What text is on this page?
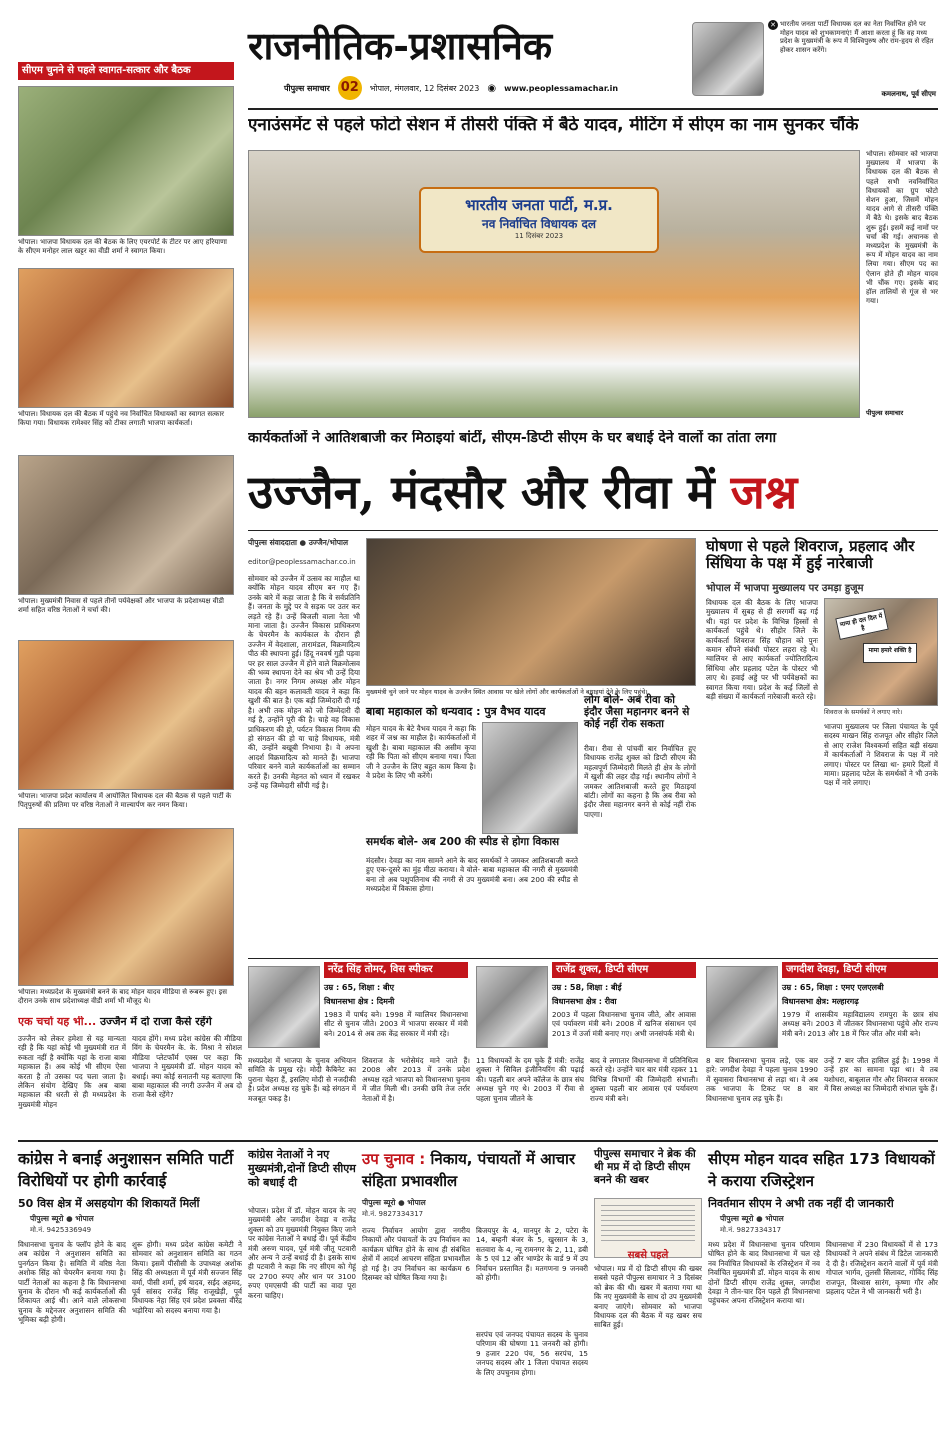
राजनीतिक-प्रशासनिक
पीपुल्स समाचार 02	भोपाल, मंगलवार, 12 दिसंबर 2023 ◉ www.peoplessamachar.in
✕ भारतीय जनता पार्टी विधायक दल का नेता निर्वाचित होने पर मोहन यादव को शुभकामनाएं! मैं आशा करता हूं कि वह मध्य प्रदेश के मुख्यमंत्री के रूप में विश्विपुरुष और राम-हृदय से रहित होकर शासन करेंगे।
कमलनाथ, पूर्व सीएम
सीएम चुनने से पहले स्वागत-सत्कार और बैठक
भोपाल। भाजपा विधायक दल की बैठक के लिए एयरपोर्ट के टीटर पर आए हरियाणा के सीएम मनोहर लाल खट्टर का वीडी शर्मा ने स्वागत किया।
भोपाल। विधायक दल की बैठक में पहुंचे नव निर्वाचित विधायकों का स्वागत सत्कार किया गया। विधायक रामेश्वर सिंह को टीका लगाती भाजपा कार्यकर्ता।
भोपाल। मुख्यमंत्री निवास से पहले तीनों पर्यवेक्षकों और भाजपा के प्रदेशाध्यक्ष वीडी शर्मा सहित वरिष्ठ नेताओं ने चर्चा की।
भोपाल। भाजपा प्रदेश कार्यालय में आयोजित विधायक दल की बैठक से पहले पार्टी के पितृपुरुषों की प्रतिमा पर वरिष्ठ नेताओं ने माल्यार्पण कर नमन किया।
भोपाल। मध्यप्रदेश के मुख्यमंत्री बनने के बाद मोहन यादव मीडिया से रूबरू हुए। इस दौरान उनके साथ प्रदेशाध्यक्ष वीडी शर्मा भी मौजूद थे।
एनाउंसमेंट से पहले फोटो सेशन में तीसरी पंक्ति में बैठे यादव, मीटिंग में सीएम का नाम सुनकर चौंके
भारतीय जनता पार्टी, म.प्र.
नव निर्वाचित विधायक दल
11 दिसंबर 2023
भोपाल। सोमवार को भाजपा मुख्यालय में भाजपा के विधायक दल की बैठक से पहले सभी नवनिर्वाचित विधायकों का ग्रुप फोटो सेशन हुआ, जिसमें मोहन यादव आगे से तीसरी पंक्ति में बैठे थे। इसके बाद बैठक शुरू हुई। इसमें कई नामों पर चर्चा की गई। अचानक से मध्यप्रदेश के मुख्यमंत्री के रूप में मोहन यादव का नाम लिया गया। सीएम पद का ऐलान होते ही मोहन यादव भी चौंक गए। इसके बाद हॉल तालियों से गूंज से भर गया।
पीपुल्स समाचार
कार्यकर्ताओं ने आतिशबाजी कर मिठाइयां बांटीं, सीएम-डिप्टी सीएम के घर बधाई देने वालों का तांता लगा
उज्जैन, मंदसौर और रीवा में जश्न
पीपुल्स संवाददाता ● उज्जैन/भोपाल
editor@peoplessamachar.co.in
सोमवार को उज्जैन में उत्सव का माहौल था क्योंकि मोहन यादव सीएम बन गए हैं। उनके बारे में कहा जाता है कि वे सर्वप्रतिनि हैं। जनता के मुद्दे पर वे सड़क पर उतर कर लड़ते रहे हैं। उन्हें बिजली वाला नेता भी माना जाता है। उज्जैन विकास प्राधिकरण के चेयरमैन के कार्यकाल के दौरान ही उज्जैन में वेदशाला, तारामंडल, विक्रमादित्य पीठ की स्थापना हुई। हिंदू नववर्ष गुड़ी पड़वा पर हर साल उज्जैन में होने वाले विक्रमोत्सव की भव्य स्थापना देने का श्रेय भी उन्हें दिया जाता है। नगर निगम अध्यक्ष और मोहन यादव की बहन कलावती यादव ने कहा कि खुशी की बात है। एक बड़ी जिम्मेदारी दी गई है। अभी तक मोहन को जो जिम्मेदारी दी गई है, उन्होंने पूरी की है। चाहे वह विकास प्राधिकरण की हो, पर्यटन विकास निगम की हो संगठन की हो या चाहे विधायक, मंत्री की, उन्होंने बखूबी निभाया है। वे अपना आदर्श विक्रमादित्य को मानते हैं। भाजपा परिवार बनने वाले कार्यकर्ताओं का सम्मान करते हैं। उनकी मेहनत को ध्यान में रखकर उन्हें यह जिम्मेदारी सौंपी गई है।
मुख्यमंत्री चुने जाने पर मोहन यादव के उज्जैन स्थित आवास पर खेले लोगों और कार्यकर्ताओं ने बधाइयां देने के लिए पहुंचे।
बाबा महाकाल को धन्यवाद : पुत्र वैभव यादव
मोहन यादव के बेटे वैभव यादव ने कहा कि शहर में जश्न का माहौल है। कार्यकर्ताओं में खुशी है। बाबा महाकाल की असीम कृपा रही कि पिता को सीएम बनाया गया। पिता जी ने उज्जैन के लिए बहुत काम किया है। वे प्रदेश के लिए भी करेंगे।
समर्थक बोले- अब 200 की स्पीड से होगा विकास
मंदसौर। देवड़ा का नाम सामने आने के बाद समर्थकों ने जमकर आतिशबाजी करते हुए एक-दूसरे का मुंह मीठा कराया। वे वोले- बाबा महाकाल की नगरी से मुख्यमंत्री बना तो अब पशुपतिनाथ की नगरी से उप मुख्यमंत्री बना। अब 200 की स्पीड से मध्यप्रदेश में विकास होगा।
लोग बोले- अब रीवा को इंदौर जैसा महानगर बनने से कोई नहीं रोक सकता
रीवा। रीवा से पांचवीं बार निर्वाचित हुए विधायक राजेंद्र शुक्ल को डिप्टी सीएम की महत्वपूर्ण जिम्मेदारी मिलते ही क्षेत्र के लोगों में खुशी की लहर दौड़ गई। स्थानीय लोगों ने जमकर आतिशबाजी करते हुए मिठाइयां बांटी। लोगों का कहना है कि अब रीवा को इंदौर जैसा महानगर बनने से कोई नहीं रोक पाएगा।
घोषणा से पहले शिवराज, प्रहलाद और सिंधिया के पक्ष में हुई नारेबाजी
भोपाल में भाजपा मुख्यालय पर उमड़ा हुजूम
विधायक दल की बैठक के लिए भाजपा मुख्यालय में सुबह से ही सरगर्मी बढ़ गई थी। यहां पर प्रदेश के विभिन्न हिस्सों से कार्यकर्ता पहुंचे थे। सीहोर जिले के कार्यकर्ता शिवराज सिंह चौहान को पुनः कमान सौंपने संबंधी पोस्टर लहरा रहे थे। ग्वालियर से आए कार्यकर्ता ज्योतिरादित्य सिंधिया और प्रहलाद पटेल के पोस्टर भी लाए थे। हवाई अड्डे पर भी पर्यवेक्षकों का स्वागत किया गया। प्रदेश के कई जिलों से बड़ी संख्या में कार्यकर्ता नारेबाजी करते रहे।
मामा ही दल दिल में है
मामा हमारे शक्ति है
शिवराज के समर्थकों ने लगाए नारे।
भाजपा मुख्यालय पर जिला पंचायत के पूर्व सदस्य माखन सिंह राजपूत और सीहोर जिले से आए राजेश विश्वकर्मा सहित बड़ी संख्या में कार्यकर्ताओं ने शिवराज के पक्ष में नारे लगाए। पोस्टर पर लिखा था- हमारे दिलों में मामा। प्रहलाद पटेल के समर्थकों ने भी उनके पक्ष में नारे लगाए।
नरेंद्र सिंह तोमर, विस स्पीकर
उम्र : 65, शिक्षा : बीए
विधानसभा क्षेत्र : दिमनी
1983 में पार्षद बने। 1998 में ग्वालियर विधानसभा सीट से चुनाव जीते। 2003 में भाजपा सरकार में मंत्री बने। 2014 से अब तक केंद्र सरकार में मंत्री रहे।
राजेंद्र शुक्ल, डिप्टी सीएम
उम्र : 58, शिक्षा : बीई
विधानसभा क्षेत्र : रीवा
2003 में पहला विधानसभा चुनाव जीते, और आवास एवं पर्यावरण मंत्री बने। 2008 में खनिज संसाधन एवं 2013 में उर्जा मंत्री बनाए गए। अभी जनसंपर्क मंत्री थे।
जगदीश देवड़ा, डिप्टी सीएम
उम्र : 65, शिक्षा : एमए एलएलबी
विधानसभा क्षेत्र: मल्हारगढ़
1979 में शासकीय महाविद्यालय रामपुरा के छात्र संघ अध्यक्ष बने। 2003 में जीतकर विधानसभा पहुंचे और राज्य मंत्री बने। 2013 और 18 में फिर जीत और मंत्री बने।
मध्यप्रदेश में भाजपा के चुनाव अभियान समिति के प्रमुख रहे। मोदी कैबिनेट का पुराना चेहरा हैं, इसलिए मोदी से नजदीकी है। प्रदेश अध्यक्ष रह चुके हैं। बड़े संगठन में मजबूत पकड़ है।
शिवराज के भरोसेमंद माने जाते हैं। 2008 और 2013 में उनके प्रदेश अध्यक्ष रहते भाजपा को विधानसभा चुनाव में जीत मिली थी। उनकी छवि तेज तर्रार नेताओं में है।
11 विधायकों के दम चुके हैं मंत्री: राजेंद्र शुक्ला ने सिविल इंजीनियरिंग की पढ़ाई की। पहली बार अपने कॉलेज के छात्र संघ अध्यक्ष चुने गए थे। 2003 में रीवा से पहला चुनाव जीतने के
बाद वे लगातार विधानसभा में प्रतिनिधित्व करते रहे। उन्होंने चार बार मंत्री रहकर 11 विभिन्न विभागों की जिम्मेदारी संभाली। शुक्ला पहली बार आवास एवं पर्यावरण राज्य मंत्री बने।
8 बार विधानसभा चुनाव लड़े, एक बार हारे: जगदीश देवड़ा ने पहला चुनाव 1990 में सुवासरा विधानसभा से लड़ा था। वे अब तक भाजपा के टिकट पर 8 बार विधानसभा चुनाव लड़ चुके हैं।
उन्हें 7 बार जीत हासिल हुई है। 1998 में उन्हें हार का सामना पड़ा था। वे तब यशोधरा, बाबूलाल गौर और शिवराज सरकार में विस अध्यक्ष का जिम्मेदारी संभाल चुके हैं।
एक चर्चा यह भी... उज्जैन में दो राजा कैसे रहेंगे
उज्जैन को लेकर हमेशा से यह मान्यता रही है कि यहां कोई भी मुख्यमंत्री रात में रुकता नहीं है क्योंकि यहां के राजा बाबा महाकाल हैं। अब कोई भी सीएम ऐसा करता है तो उसका पद चला जाता है। लेकिन संयोग देखिए कि अब बाबा महाकाल की धरती से ही मध्यप्रदेश के मुख्यमंत्री मोहन
यादव होंगे। मध्य प्रदेश कांग्रेस की मीडिया विंग के चेयरमैन के. के. मिश्रा ने सोशल मीडिया प्लेटफॉर्म एक्स पर कहा कि भाजपा ने मुख्यमंत्री डॉ. मोहन यादव को बधाई। क्या कोई सनातनी यह बताएगा कि बाबा महाकाल की नगरी उज्जैन में अब दो राजा कैसे रहेंगे?
कांग्रेस ने बनाई अनुशासन समिति पार्टी विरोधियों पर होगी कार्रवाई
50 विस क्षेत्र में असहयोग की शिकायतें मिलीं
पीपुल्स ब्यूरो ● भोपाल
मो.नं. 9425336949
विधानसभा चुनाव के फ्लॉप होने के बाद अब कांग्रेस ने अनुशासन समिति का पुनर्गठन किया है। समिति में वरिष्ठ नेता अशोक सिंह को चेयरमैन बनाया गया है। पार्टी नेताओं का कहना है कि विधानसभा चुनाव के दौरान भी कई कार्यकर्ताओं की शिकायत आई थी। आने वाले लोकसभा चुनाव के मद्देनजर अनुशासन समिति की भूमिका बढ़ी होगी।
शुरू होगी। मध्य प्रदेश कांग्रेस कमेटी ने सोमवार को अनुशासन समिति का गठन किया। इसमें पीसीसी के उपाध्यक्ष अशोक सिंह की अध्यक्षता में पूर्व मंत्री सज्जन सिंह वर्मा, पीसी शर्मा, हर्ष यादव, सईद अहमद, पूर्व सांसद राजेंद्र सिंह राजूखेड़ी, पूर्व विधायक नेहा सिंह एवं प्रदेश प्रवक्ता वीरेंद्र भड़ोरिया को सदस्य बनाया गया है।
कांग्रेस नेताओं ने नए मुख्यमंत्री,दोनों डिप्टी सीएम को बधाई दी
भोपाल। प्रदेश में डॉ. मोहन यादव के नए मुख्यमंत्री और जगदीश देवड़ा व राजेंद्र शुक्ला को उप मुख्यमंत्री नियुक्त किए जाने पर कांग्रेस नेताओं ने बधाई दी। पूर्व केंद्रीय मंत्री अरुण यादव, पूर्व मंत्री जीतू पटवारी और अन्य ने उन्हें बधाई दी है। इसके साथ ही पटवारी ने कहा कि नए सीएम को गेहूं पर 2700 रुपए और धान पर 3100 रुपए एमएसपी की पार्टी का वादा पूरा करना चाहिए।
उप चुनाव : निकाय, पंचायतों में आचार संहिता प्रभावशील
पीपुल्स ब्यूरो ● भोपाल
मो.नं. 9827334317
राज्य निर्वाचन आयोग द्वारा नगरीय निकायों और पंचायतों के उप निर्वाचन का कार्यक्रम घोषित होने के साथ ही संबंधित क्षेत्रों में आदर्श आचरण संहिता प्रभावशील हो गई है। उप निर्वाचन का कार्यक्रम 6 दिसम्बर को घोषित किया गया है।
बिजयपुर के 4, मानपुर के 2, पटेरा के 14, बम्हनी बंजर के 5, खुरसान के 3, सतवारा के 4, न्यू रामनगर के 2, 11, डबी के 5 एवं 12 और भाण्डेर के वार्ड 9 में उप निर्वाचन प्रस्तावित हैं। मतगणना 9 जनवरी को होगी।
सरपंच एवं जनपद पंचायत सदस्य के चुनाव परिणाम की घोषणा 11 जनवरी को होगी। 9 हजार 220 पंच, 56 सरपंच, 15 जनपद सदस्य और 1 जिला पंचायत सदस्य के लिए उपचुनाव होगा।
पीपुल्स समाचार ने ब्रेक की थी मप्र में दो डिप्टी सीएम बनने की खबर
सबसे पहले
भोपाल। मप्र में दो डिप्टी सीएम की खबर सबसे पहले पीपुल्स समाचार ने 3 दिसंबर को ब्रेक की थी। खबर में बताया गया था कि नए मुख्यमंत्री के साथ दो उप मुख्यमंत्री बनाए जाएंगे। सोमवार को भाजपा विधायक दल की बैठक में यह खबर सच साबित हुई।
सीएम मोहन यादव सहित 173 विधायकों ने कराया रजिस्ट्रेशन
निवर्तमान सीएम ने अभी तक नहीं दी जानकारी
पीपुल्स ब्यूरो ● भोपाल
मो.नं. 9827334317
मध्य प्रदेश में विधानसभा चुनाव परिणाम घोषित होने के बाद विधानसभा में चल रहे नव निर्वाचित विधायकों के रजिस्ट्रेशन में नव निर्वाचित मुख्यमंत्री डॉ. मोहन यादव के साथ दोनों डिप्टी सीएम राजेंद्र शुक्ल, जगदीश देवड़ा ने तीन-चार दिन पहले ही विधानसभा पहुंचकर अपना रजिस्ट्रेशन कराया था।
विधानसभा में 230 विधायकों में से 173 विधायकों ने अपने संबंध में डिटेल जानकारी दे दी है। रजिस्ट्रेशन कराने वालों में पूर्व मंत्री गोपाल भार्गव, तुलसी सिलावट, गोविंद सिंह राजपूत, विश्वास सारंग, कृष्णा गौर और प्रहलाद पटेल ने भी जानकारी भरी है।
